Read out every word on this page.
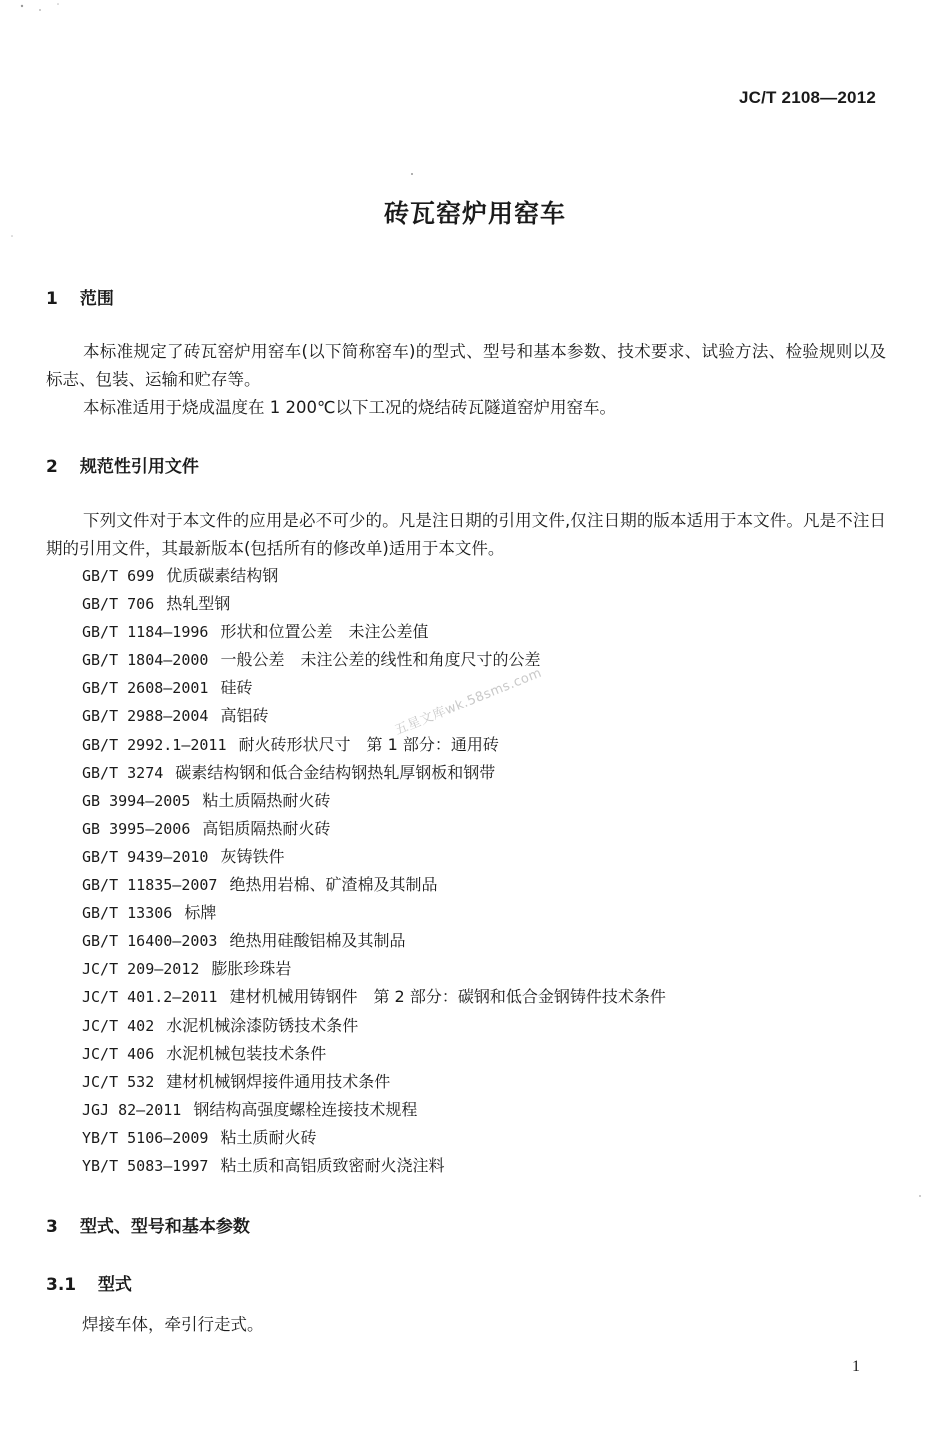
JC/T 2108—2012
砖瓦窑炉用窑车
1 范围
本标准规定了砖瓦窑炉用窑车(以下简称窑车)的型式、型号和基本参数、技术要求、试验方法、检验规则以及标志、包装、运输和贮存等。
本标准适用于烧成温度在 1 200℃以下工况的烧结砖瓦隧道窑炉用窑车。
2 规范性引用文件
下列文件对于本文件的应用是必不可少的。凡是注日期的引用文件,仅注日期的版本适用于本文件。凡是不注日期的引用文件，其最新版本(包括所有的修改单)适用于本文件。
GB/T 699 优质碳素结构钢
GB/T 706 热轧型钢
GB/T 1184—1996 形状和位置公差　未注公差值
GB/T 1804—2000 一般公差　未注公差的线性和角度尺寸的公差
GB/T 2608—2001 硅砖
GB/T 2988—2004 高铝砖
GB/T 2992.1—2011 耐火砖形状尺寸　第 1 部分：通用砖
GB/T 3274 碳素结构钢和低合金结构钢热轧厚钢板和钢带
GB 3994—2005 粘土质隔热耐火砖
GB 3995—2006 高铝质隔热耐火砖
GB/T 9439—2010 灰铸铁件
GB/T 11835—2007 绝热用岩棉、矿渣棉及其制品
GB/T 13306 标牌
GB/T 16400—2003 绝热用硅酸铝棉及其制品
JC/T 209—2012 膨胀珍珠岩
JC/T 401.2—2011 建材机械用铸钢件　第 2 部分：碳钢和低合金钢铸件技术条件
JC/T 402 水泥机械涂漆防锈技术条件
JC/T 406 水泥机械包装技术条件
JC/T 532 建材机械钢焊接件通用技术条件
JGJ 82—2011 钢结构高强度螺栓连接技术规程
YB/T 5106—2009 粘土质耐火砖
YB/T 5083—1997 粘土质和高铝质致密耐火浇注料
3 型式、型号和基本参数
3.1 型式
焊接车体，牵引行走式。
五星文库wk.58sms.com
1
